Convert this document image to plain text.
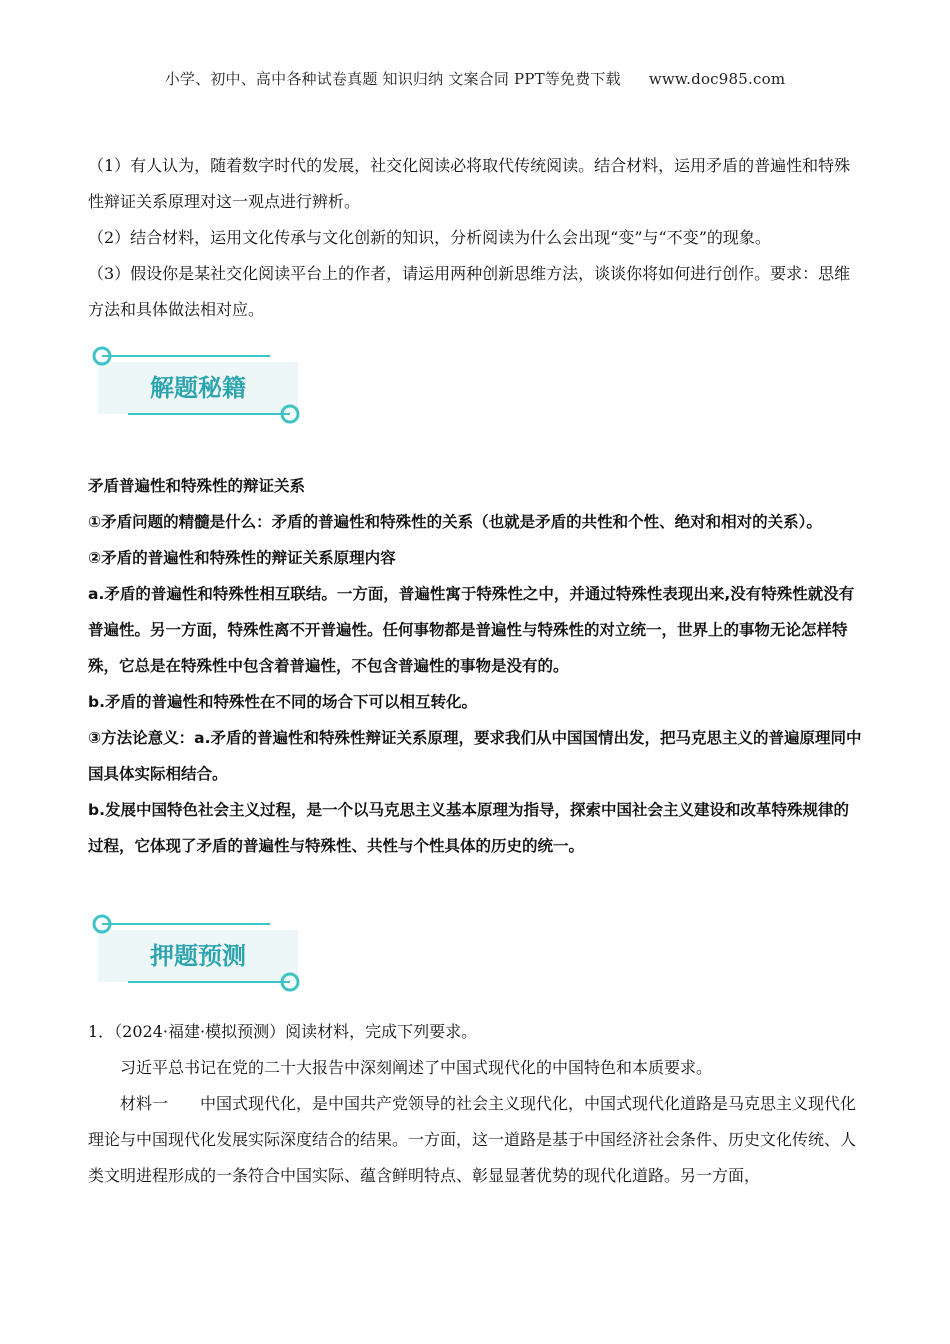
小学、初中、高中各种试卷真题 知识归纳 文案合同 PPT等免费下载 www.doc985.com

（1）有人认为，随着数字时代的发展，社交化阅读必将取代传统阅读。结合材料，运用矛盾的普遍性和特殊性辩证关系原理对这一观点进行辨析。

（2）结合材料，运用文化传承与文化创新的知识，分析阅读为什么会出现“变”与“不变”的现象。

（3）假设你是某社交化阅读平台上的作者，请运用两种创新思维方法，谈谈你将如何进行创作。要求：思维方法和具体做法相对应。

解题秘籍

矛盾普遍性和特殊性的辩证关系

①矛盾问题的精髓是什么：矛盾的普遍性和特殊性的关系（也就是矛盾的共性和个性、绝对和相对的关系）。

②矛盾的普遍性和特殊性的辩证关系原理内容

a.矛盾的普遍性和特殊性相互联结。一方面，普遍性寓于特殊性之中，并通过特殊性表现出来,没有特殊性就没有普遍性。另一方面，特殊性离不开普遍性。任何事物都是普遍性与特殊性的对立统一，世界上的事物无论怎样特殊，它总是在特殊性中包含着普遍性，不包含普遍性的事物是没有的。

b.矛盾的普遍性和特殊性在不同的场合下可以相互转化。

③方法论意义：a.矛盾的普遍性和特殊性辩证关系原理，要求我们从中国国情出发，把马克思主义的普遍原理同中国具体实际相结合。

b.发展中国特色社会主义过程，是一个以马克思主义基本原理为指导，探索中国社会主义建设和改革特殊规律的过程，它体现了矛盾的普遍性与特殊性、共性与个性具体的历史的统一。

押题预测

1．（2024·福建·模拟预测）阅读材料，完成下列要求。

习近平总书记在党的二十大报告中深刻阐述了中国式现代化的中国特色和本质要求。

材料一　　中国式现代化，是中国共产党领导的社会主义现代化，中国式现代化道路是马克思主义现代化理论与中国现代化发展实际深度结合的结果。一方面，这一道路是基于中国经济社会条件、历史文化传统、人类文明进程形成的一条符合中国实际、蕴含鲜明特点、彰显显著优势的现代化道路。另一方面，
